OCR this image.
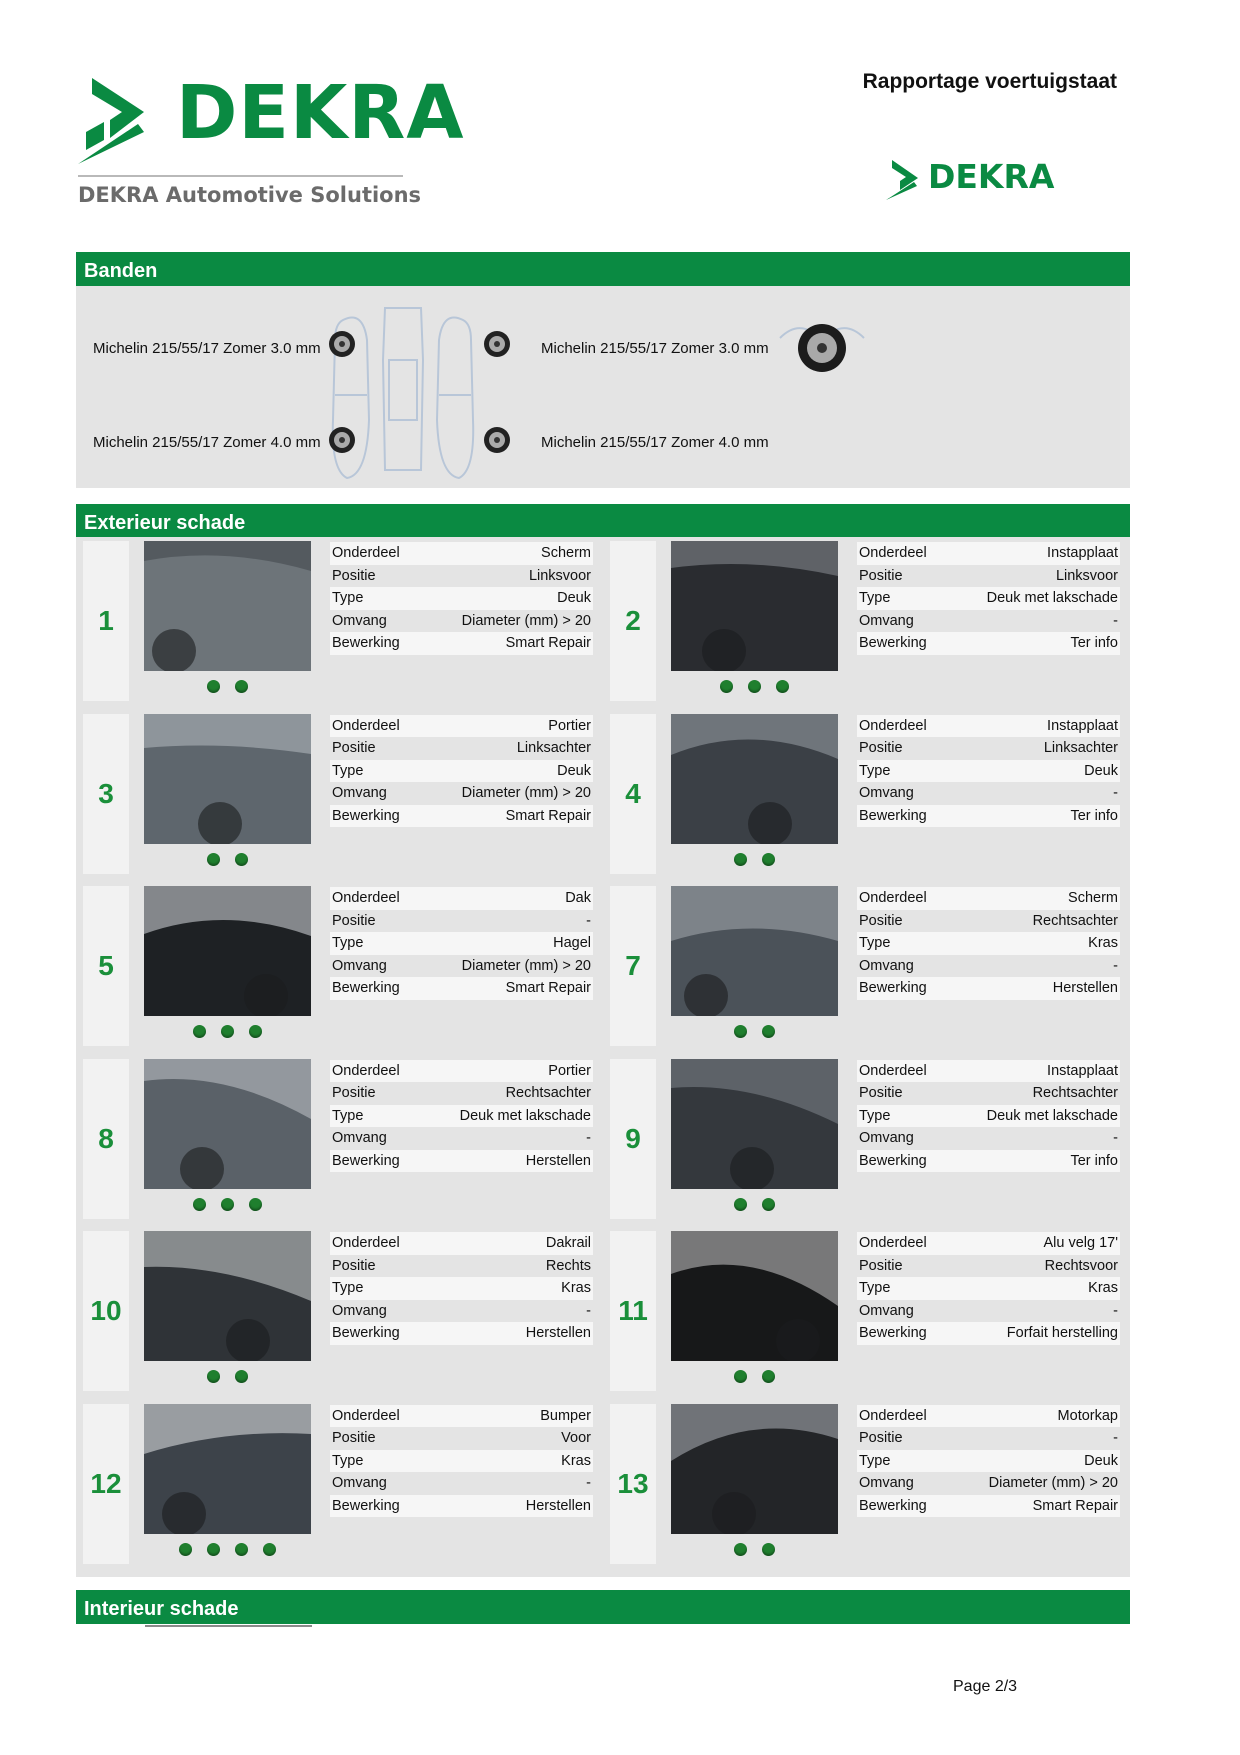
DEKRA
DEKRA Automotive Solutions
Rapportage voertuigstaat
DEKRA
Banden
Michelin 215/55/17 Zomer 3.0 mm
Michelin 215/55/17 Zomer 4.0 mm
Michelin 215/55/17 Zomer 3.0 mm
Michelin 215/55/17 Zomer 4.0 mm
Exterieur schade
1
Onderdeel	Scherm
Positie	Linksvoor
Type	Deuk
Omvang	Diameter (mm) > 20
Bewerking	Smart Repair
2
Onderdeel	Instapplaat
Positie	Linksvoor
Type	Deuk met lakschade
Omvang	-
Bewerking	Ter info
3
Onderdeel	Portier
Positie	Linksachter
Type	Deuk
Omvang	Diameter (mm) > 20
Bewerking	Smart Repair
4
Onderdeel	Instapplaat
Positie	Linksachter
Type	Deuk
Omvang	-
Bewerking	Ter info
5
Onderdeel	Dak
Positie	-
Type	Hagel
Omvang	Diameter (mm) > 20
Bewerking	Smart Repair
7
Onderdeel	Scherm
Positie	Rechtsachter
Type	Kras
Omvang	-
Bewerking	Herstellen
8
Onderdeel	Portier
Positie	Rechtsachter
Type	Deuk met lakschade
Omvang	-
Bewerking	Herstellen
9
Onderdeel	Instapplaat
Positie	Rechtsachter
Type	Deuk met lakschade
Omvang	-
Bewerking	Ter info
10
Onderdeel	Dakrail
Positie	Rechts
Type	Kras
Omvang	-
Bewerking	Herstellen
11
Onderdeel	Alu velg 17'
Positie	Rechtsvoor
Type	Kras
Omvang	-
Bewerking	Forfait herstelling
12
Onderdeel	Bumper
Positie	Voor
Type	Kras
Omvang	-
Bewerking	Herstellen
13
Onderdeel	Motorkap
Positie	-
Type	Deuk
Omvang	Diameter (mm) > 20
Bewerking	Smart Repair
Interieur schade
Page 2/3
